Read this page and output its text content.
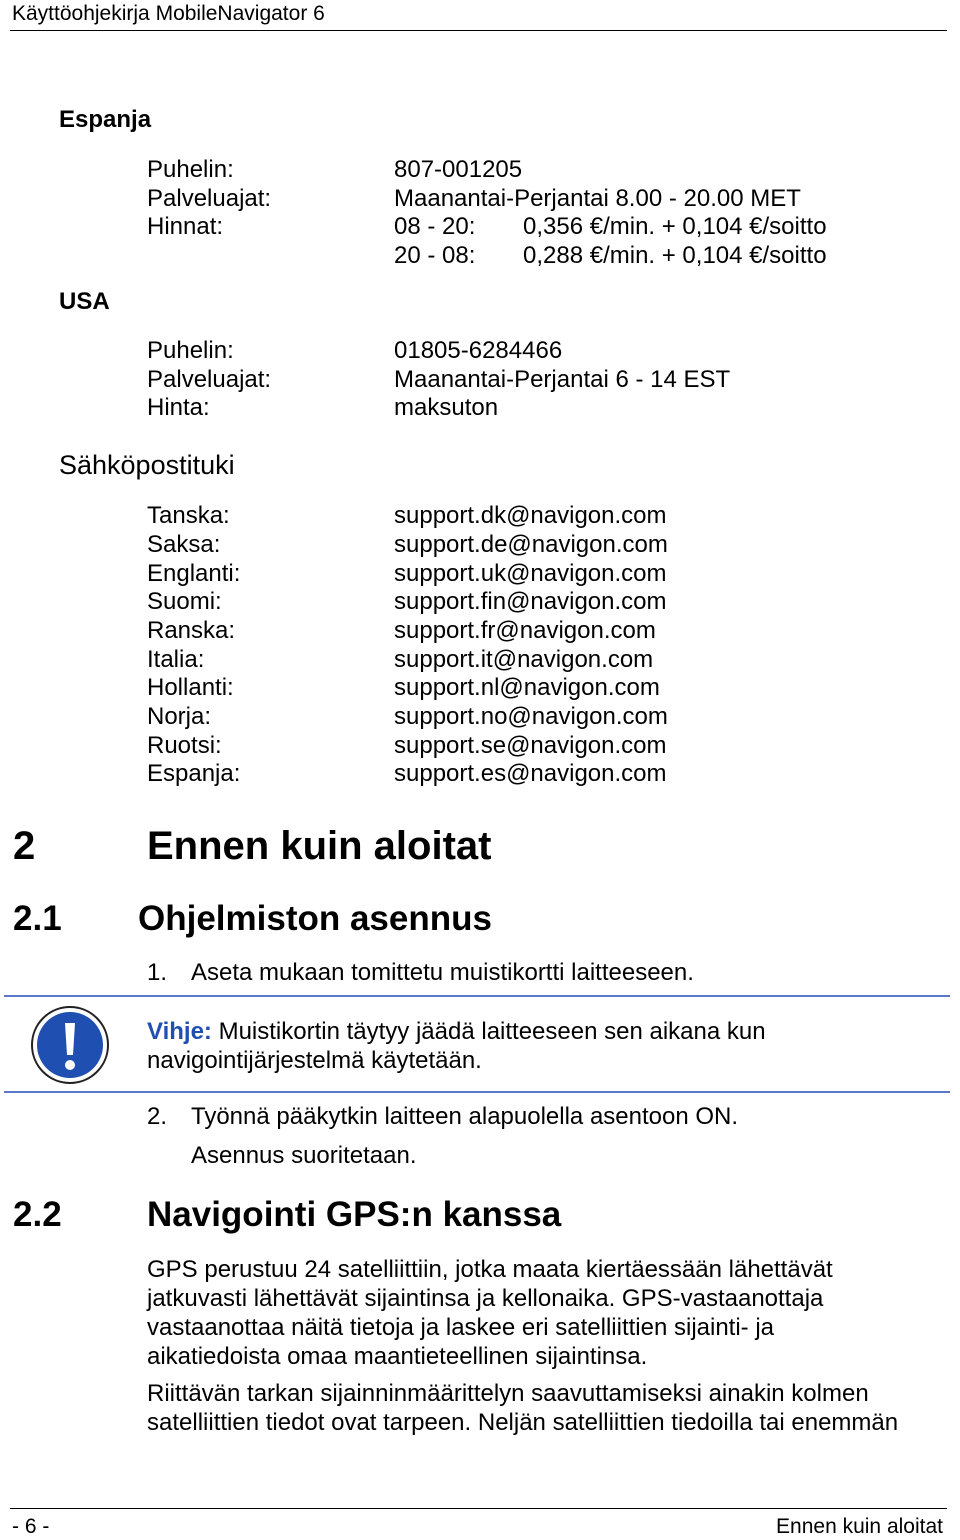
Käyttöohjekirja MobileNavigator 6
Espanja
Puhelin:	807-001205
Palveluajat:	Maanantai-Perjantai 8.00 - 20.00 MET
Hinnat:	08 - 20: 0,356 €/min. + 0,104 €/soitto
20 - 08: 0,288 €/min. + 0,104 €/soitto
USA
Puhelin:	01805-6284466
Palveluajat:	Maanantai-Perjantai 6 - 14 EST
Hinta:	maksuton
Sähköpostituki
Tanska:	support.dk@navigon.com
Saksa:	support.de@navigon.com
Englanti:	support.uk@navigon.com
Suomi:	support.fin@navigon.com
Ranska:	support.fr@navigon.com
Italia:	support.it@navigon.com
Hollanti:	support.nl@navigon.com
Norja:	support.no@navigon.com
Ruotsi:	support.se@navigon.com
Espanja:	support.es@navigon.com
2	Ennen kuin aloitat
2.1 Ohjelmiston asennus
1. Aseta mukaan tomittetu muistikortti laitteeseen.
Vihje: Muistikortin täytyy jäädä laitteeseen sen aikana kun
navigointijärjestelmä käytetään.
2. Työnnä pääkytkin laitteen alapuolella asentoon ON.
Asennus suoritetaan.
2.2 Navigointi GPS:n kanssa
GPS perustuu 24 satelliittiin, jotka maata kiertäessään lähettävät
jatkuvasti lähettävät sijaintinsa ja kellonaika. GPS-vastaanottaja
vastaanottaa näitä tietoja ja laskee eri satelliittien sijainti- ja
aikatiedoista omaa maantieteellinen sijaintinsa.
Riittävän tarkan sijainninmäärittelyn saavuttamiseksi ainakin kolmen
satelliittien tiedot ovat tarpeen. Neljän satelliittien tiedoilla tai enemmän
- 6 -	Ennen kuin aloitat
